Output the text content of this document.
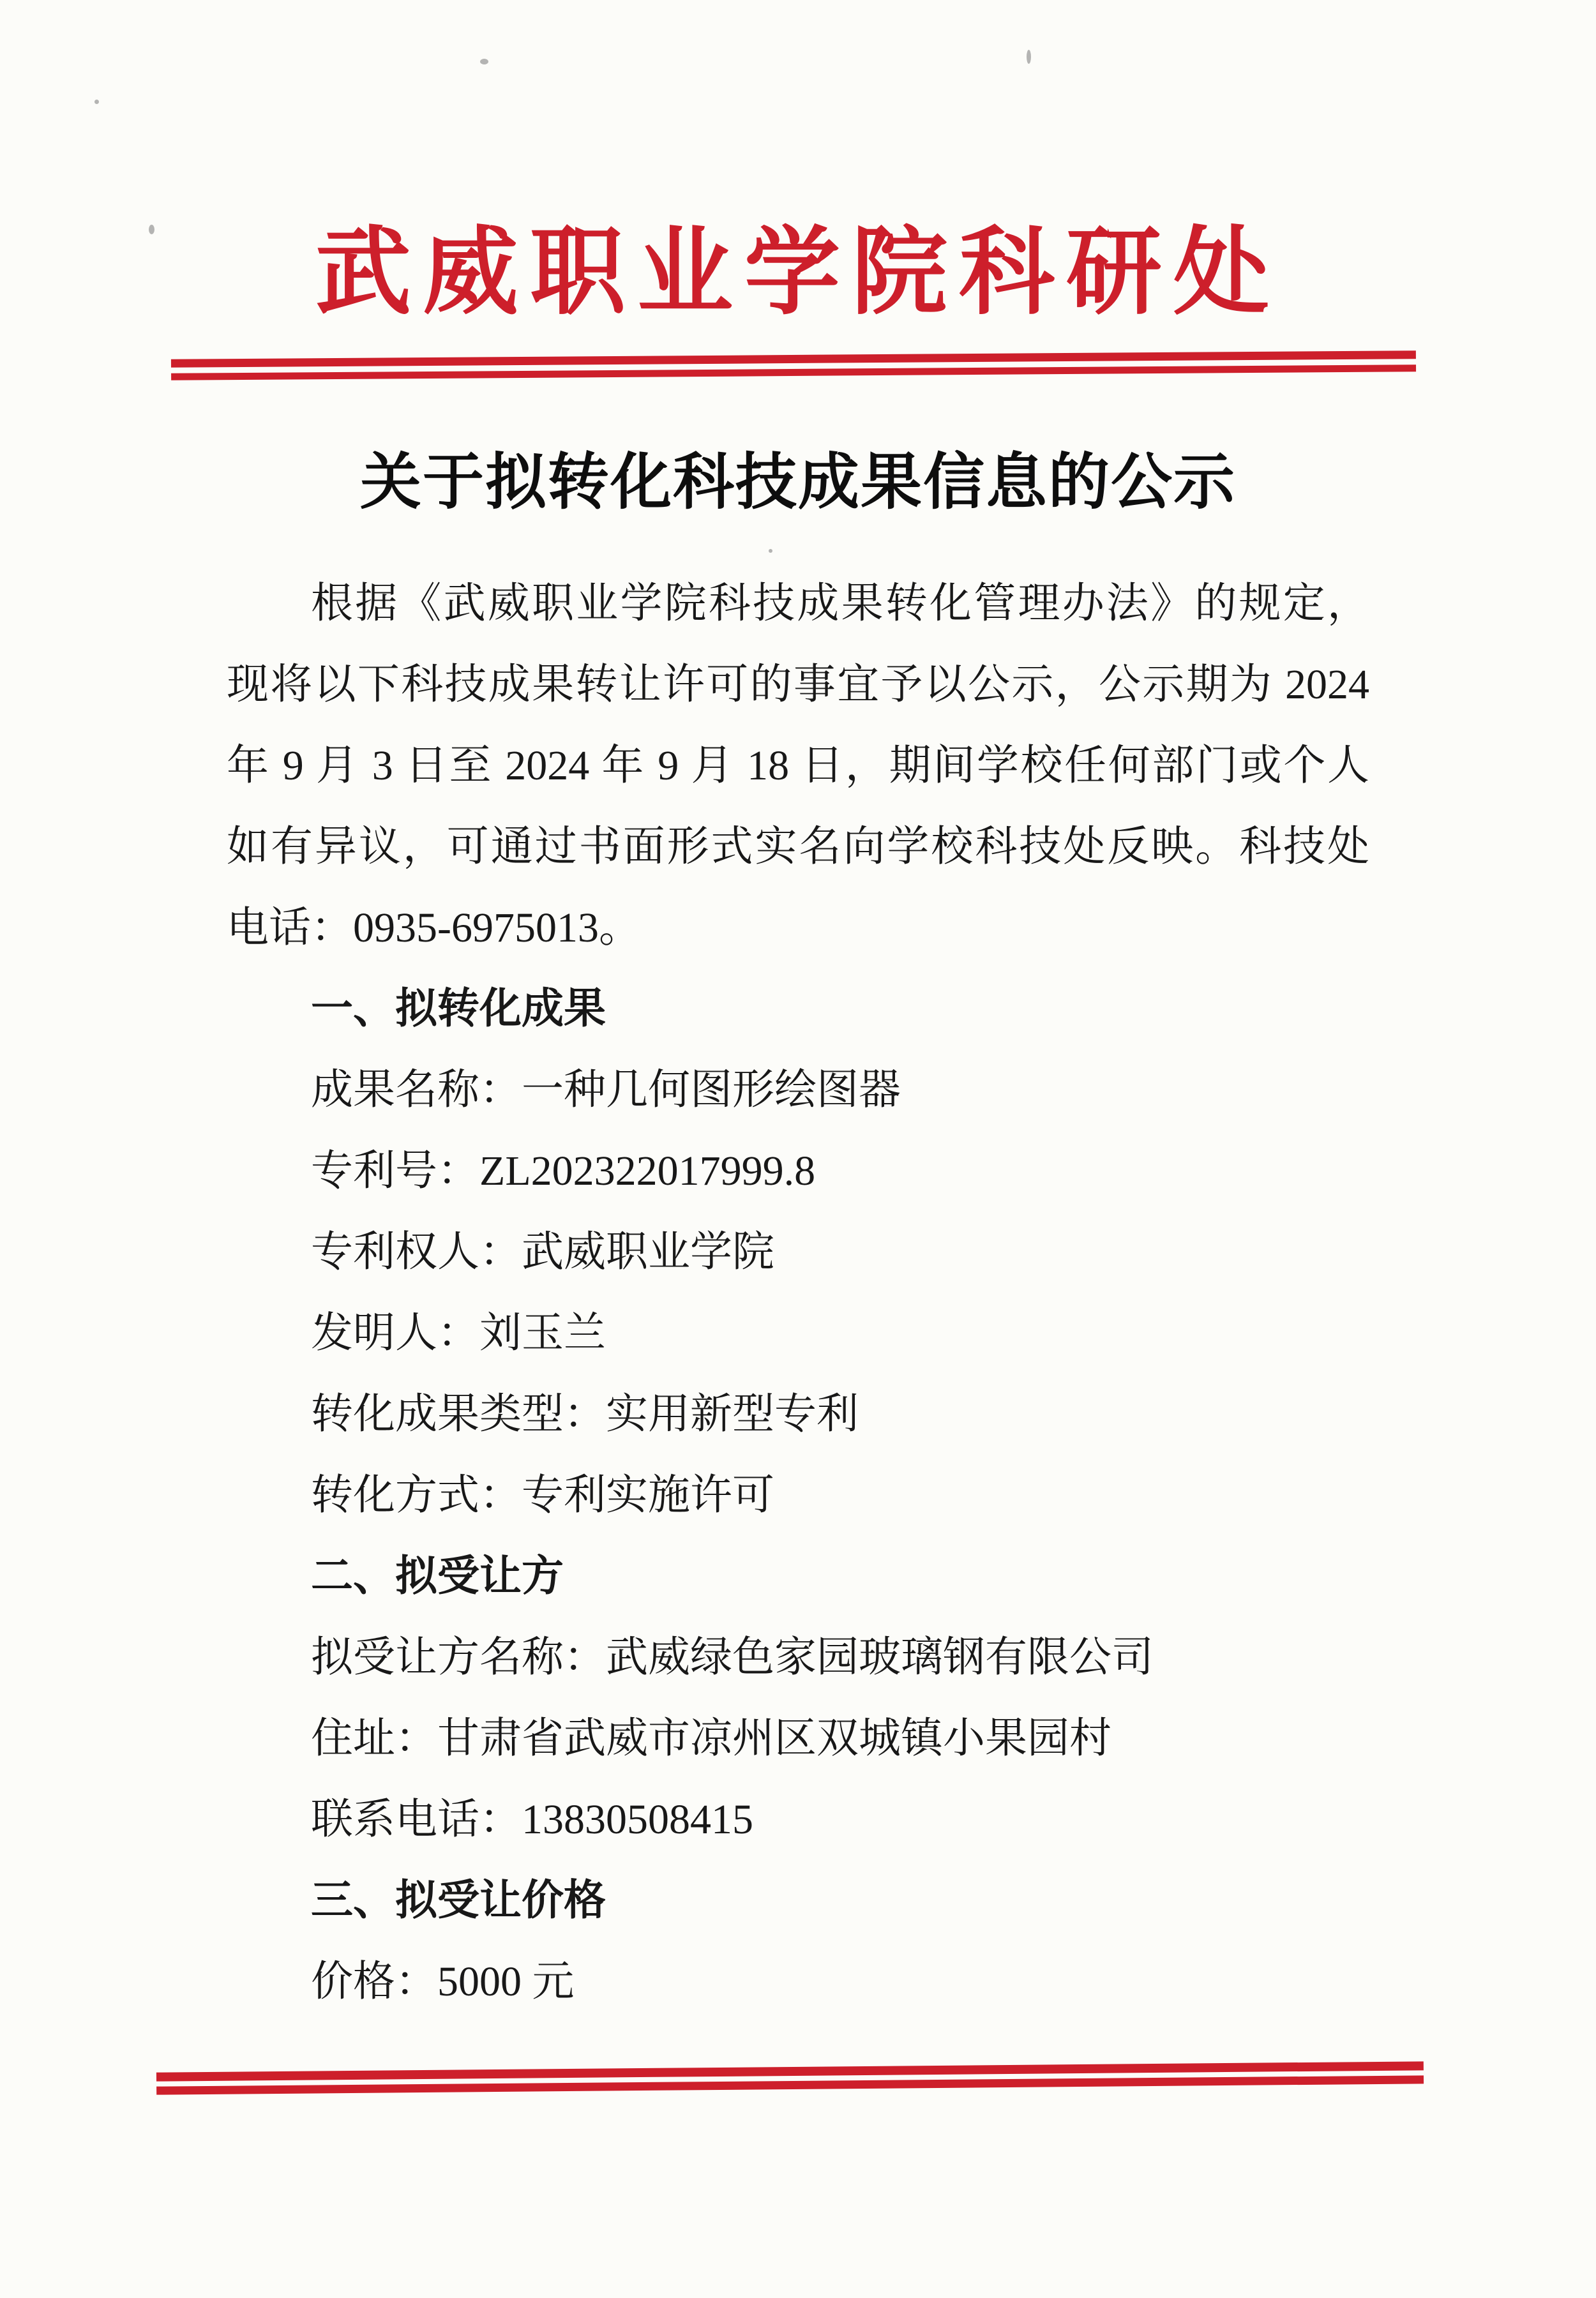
武威职业学院科研处
关于拟转化科技成果信息的公示
根据《武威职业学院科技成果转化管理办法》的规定，
现将以下科技成果转让许可的事宜予以公示，公示期为 2024
年 9 月 3 日至 2024 年 9 月 18 日，期间学校任何部门或个人
如有异议，可通过书面形式实名向学校科技处反映。科技处
电话：0935-6975013。
一、拟转化成果
成果名称：一种几何图形绘图器
专利号：ZL202322017999.8
专利权人：武威职业学院
发明人：刘玉兰
转化成果类型：实用新型专利
转化方式：专利实施许可
二、拟受让方
拟受让方名称：武威绿色家园玻璃钢有限公司
住址：甘肃省武威市凉州区双城镇小果园村
联系电话：13830508415
三、拟受让价格
价格：5000 元
